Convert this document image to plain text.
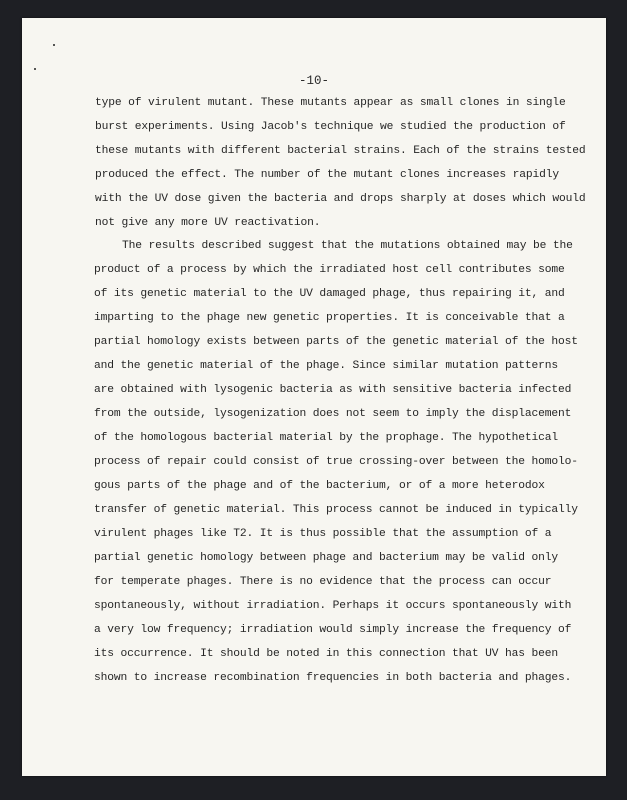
-10-
type of virulent mutant. These mutants appear as small clones in single
burst experiments. Using Jacob's technique we studied the production of
these mutants with different bacterial strains. Each of the strains tested
produced the effect. The number of the mutant clones increases rapidly
with the UV dose given the bacteria and drops sharply at doses which would
not give any more UV reactivation.
The results described suggest that the mutations obtained may be the
product of a process by which the irradiated host cell contributes some
of its genetic material to the UV damaged phage, thus repairing it, and
imparting to the phage new genetic properties. It is conceivable that a
partial homology exists between parts of the genetic material of the host
and the genetic material of the phage. Since similar mutation patterns
are obtained with lysogenic bacteria as with sensitive bacteria infected
from the outside, lysogenization does not seem to imply the displacement
of the homologous bacterial material by the prophage. The hypothetical
process of repair could consist of true crossing-over between the homolo-
gous parts of the phage and of the bacterium, or of a more heterodox
transfer of genetic material. This process cannot be induced in typically
virulent phages like T2. It is thus possible that the assumption of a
partial genetic homology between phage and bacterium may be valid only
for temperate phages. There is no evidence that the process can occur
spontaneously, without irradiation. Perhaps it occurs spontaneously with
a very low frequency; irradiation would simply increase the frequency of
its occurrence. It should be noted in this connection that UV has been
shown to increase recombination frequencies in both bacteria and phages.
